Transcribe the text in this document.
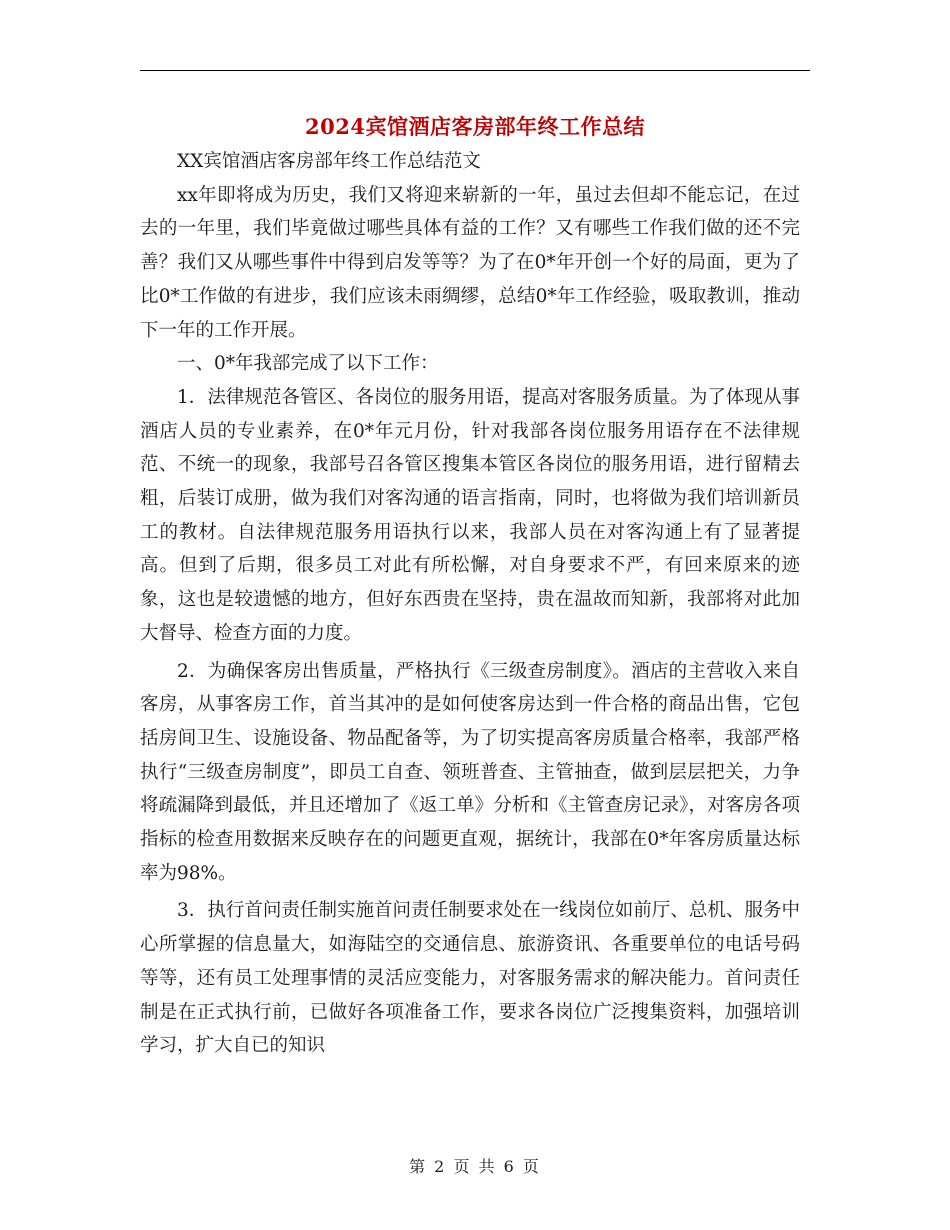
2024宾馆酒店客房部年终工作总结

XX宾馆酒店客房部年终工作总结范文

xx年即将成为历史，我们又将迎来崭新的一年，虽过去但却不能忘记，在过去的一年里，我们毕竟做过哪些具体有益的工作？又有哪些工作我们做的还不完善？我们又从哪些事件中得到启发等等？为了在0*年开创一个好的局面，更为了比0*工作做的有进步，我们应该未雨绸缪，总结0*年工作经验，吸取教训，推动下一年的工作开展。

一、0*年我部完成了以下工作：

1．法律规范各管区、各岗位的服务用语，提高对客服务质量。为了体现从事酒店人员的专业素养，在0*年元月份，针对我部各岗位服务用语存在不法律规范、不统一的现象，我部号召各管区搜集本管区各岗位的服务用语，进行留精去粗，后装订成册，做为我们对客沟通的语言指南，同时，也将做为我们培训新员工的教材。自法律规范服务用语执行以来，我部人员在对客沟通上有了显著提高。但到了后期，很多员工对此有所松懈，对自身要求不严，有回来原来的迹象，这也是较遗憾的地方，但好东西贵在坚持，贵在温故而知新，我部将对此加大督导、检查方面的力度。

2．为确保客房出售质量，严格执行《三级查房制度》。酒店的主营收入来自客房，从事客房工作，首当其冲的是如何使客房达到一件合格的商品出售，它包括房间卫生、设施设备、物品配备等，为了切实提高客房质量合格率，我部严格执行“三级查房制度”，即员工自查、领班普查、主管抽查，做到层层把关，力争将疏漏降到最低，并且还增加了《返工单》分析和《主管查房记录》，对客房各项指标的检查用数据来反映存在的问题更直观，据统计，我部在0*年客房质量达标率为98%。

3．执行首问责任制实施首问责任制要求处在一线岗位如前厅、总机、服务中心所掌握的信息量大，如海陆空的交通信息、旅游资讯、各重要单位的电话号码等等，还有员工处理事情的灵活应变能力，对客服务需求的解决能力。首问责任制是在正式执行前，已做好各项准备工作，要求各岗位广泛搜集资料，加强培训学习，扩大自已的知识

第 2 页 共 6 页
